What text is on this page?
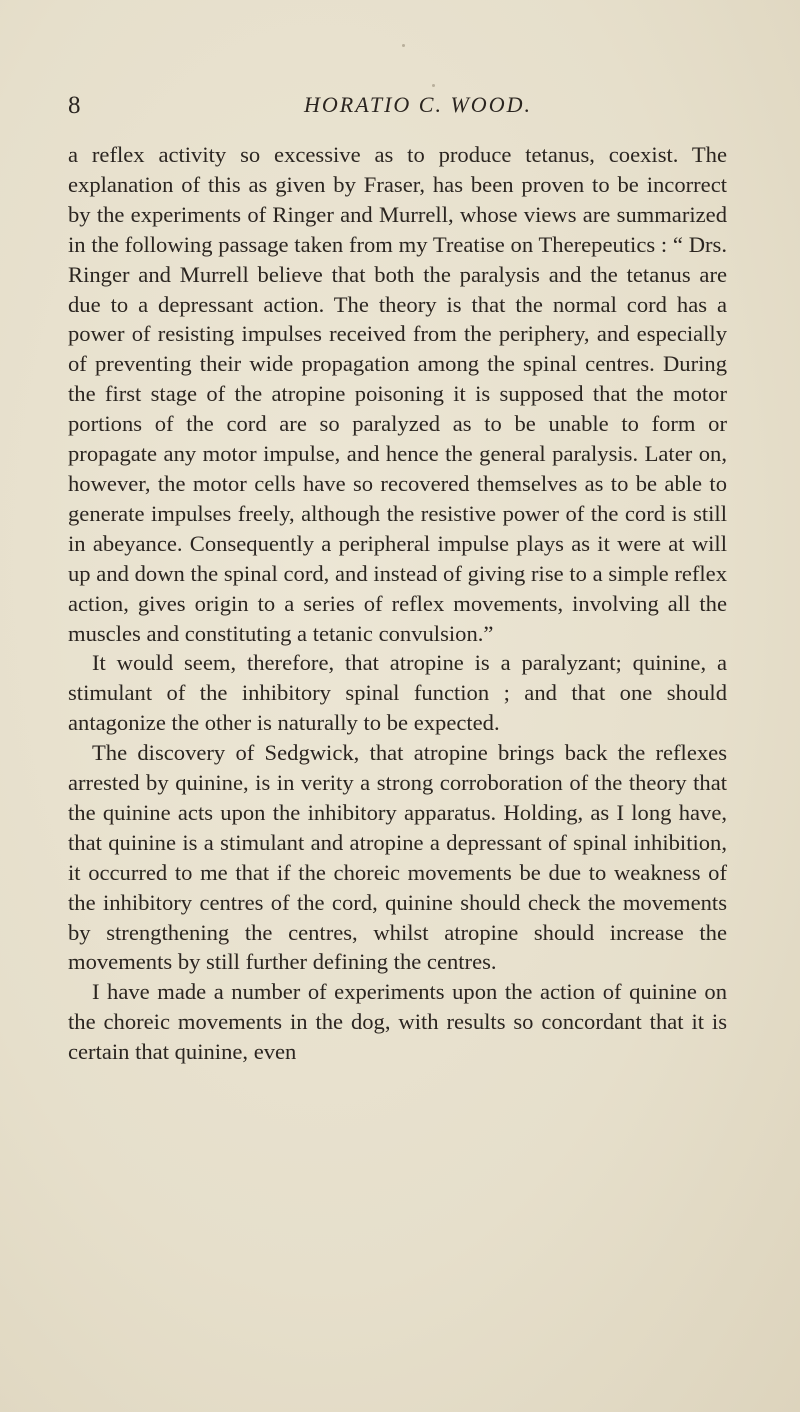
8	HORATIO C. WOOD.

a reflex activity so excessive as to produce tetanus, coexist. The explanation of this as given by Fraser, has been proven to be incorrect by the experiments of Ringer and Murrell, whose views are summarized in the following passage taken from my Treatise on Therepeutics : “ Drs. Ringer and Murrell believe that both the paralysis and the tetanus are due to a depressant action. The theory is that the normal cord has a power of resisting impulses received from the periphery, and especially of preventing their wide propagation among the spinal centres. During the first stage of the atropine poisoning it is supposed that the motor portions of the cord are so paralyzed as to be unable to form or propagate any motor impulse, and hence the general paralysis. Later on, however, the motor cells have so recovered themselves as to be able to generate impulses freely, although the resistive power of the cord is still in abeyance. Consequently a peripheral impulse plays as it were at will up and down the spinal cord, and instead of giving rise to a simple reflex action, gives origin to a series of reflex movements, involving all the muscles and constituting a tetanic convulsion.”

It would seem, therefore, that atropine is a paralyzant; quinine, a stimulant of the inhibitory spinal function ; and that one should antagonize the other is naturally to be expected.

The discovery of Sedgwick, that atropine brings back the reflexes arrested by quinine, is in verity a strong corroboration of the theory that the quinine acts upon the inhibitory apparatus. Holding, as I long have, that quinine is a stimulant and atropine a depressant of spinal inhibition, it occurred to me that if the choreic movements be due to weakness of the inhibitory centres of the cord, quinine should check the movements by strengthening the centres, whilst atropine should increase the movements by still further defining the centres.

I have made a number of experiments upon the action of quinine on the choreic movements in the dog, with results so concordant that it is certain that quinine, even
